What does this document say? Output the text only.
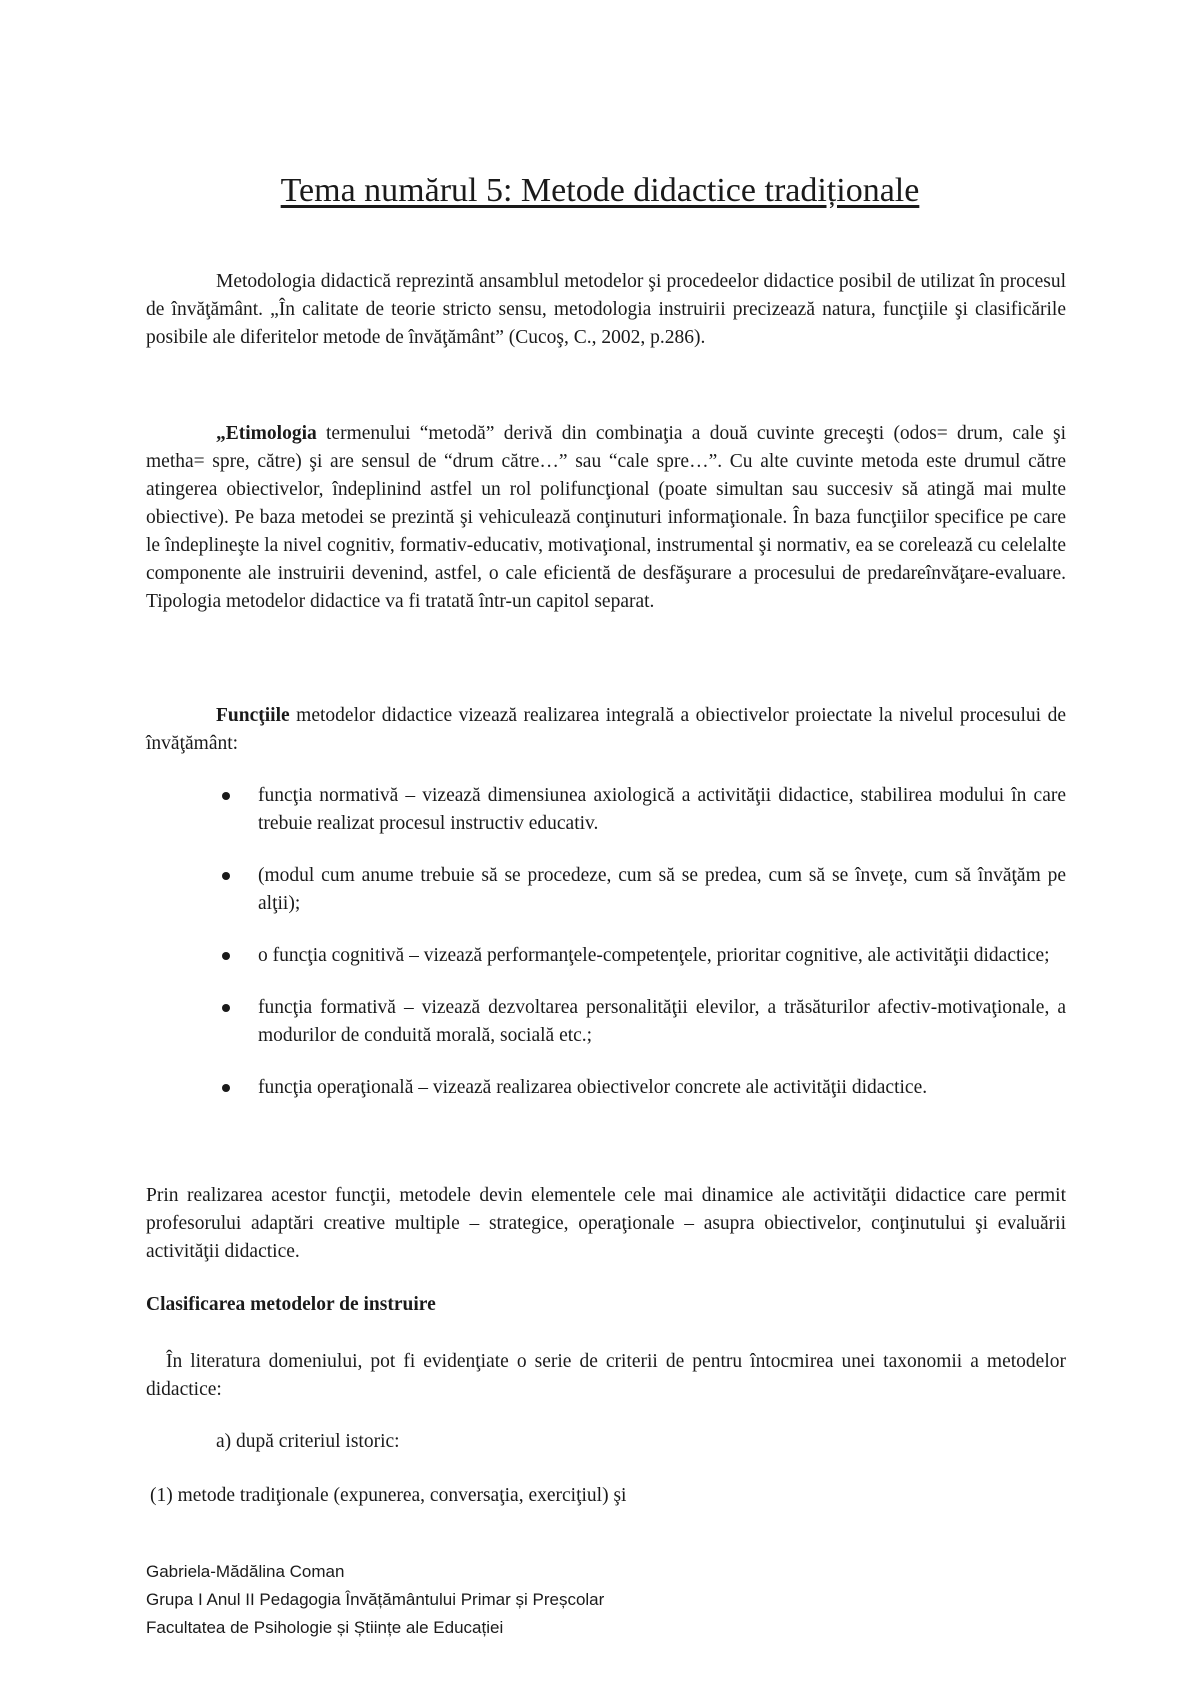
Tema numărul 5: Metode didactice tradiționale

Metodologia didactică reprezintă ansamblul metodelor şi procedeelor didactice posibil de utilizat în procesul de învăţământ. „În calitate de teorie stricto sensu, metodologia instruirii precizează natura, funcţiile şi clasificările posibile ale diferitelor metode de învăţământ” (Cucoş, C., 2002, p.286).

„Etimologia termenului “metodă” derivă din combinaţia a două cuvinte greceşti (odos= drum, cale şi metha= spre, către) şi are sensul de “drum către…” sau “cale spre…”. Cu alte cuvinte metoda este drumul către atingerea obiectivelor, îndeplinind astfel un rol polifuncţional (poate simultan sau succesiv să atingă mai multe obiective). Pe baza metodei se prezintă şi vehiculează conţinuturi informaţionale. În baza funcţiilor specifice pe care le îndeplineşte la nivel cognitiv, formativ-educativ, motivaţional, instrumental şi normativ, ea se corelează cu celelalte componente ale instruirii devenind, astfel, o cale eficientă de desfăşurare a procesului de predareînvăţare-evaluare. Tipologia metodelor didactice va fi tratată într-un capitol separat.

Funcţiile metodelor didactice vizează realizarea integrală a obiectivelor proiectate la nivelul procesului de învăţământ:

funcţia normativă – vizează dimensiunea axiologică a activităţii didactice, stabilirea modului în care trebuie realizat procesul instructiv educativ.
(modul cum anume trebuie să se procedeze, cum să se predea, cum să se înveţe, cum să învăţăm pe alţii);
o funcţia cognitivă – vizează performanţele-competenţele, prioritar cognitive, ale activităţii didactice;
funcţia formativă – vizează dezvoltarea personalităţii elevilor, a trăsăturilor afectiv-motivaţionale, a modurilor de conduită morală, socială etc.;
funcţia operaţională – vizează realizarea obiectivelor concrete ale activităţii didactice.

Prin realizarea acestor funcţii, metodele devin elementele cele mai dinamice ale activităţii didactice care permit profesorului adaptări creative multiple – strategice, operaţionale – asupra obiectivelor, conţinutului şi evaluării activităţii didactice.

Clasificarea metodelor de instruire

În literatura domeniului, pot fi evidenţiate o serie de criterii de pentru întocmirea unei taxonomii a metodelor didactice:

a) după criteriul istoric:

(1) metode tradiţionale (expunerea, conversaţia, exerciţiul) şi

Gabriela-Mădălina Coman
Grupa I Anul II Pedagogia Învățământului Primar și Preșcolar
Facultatea de Psihologie și Științe ale Educației
